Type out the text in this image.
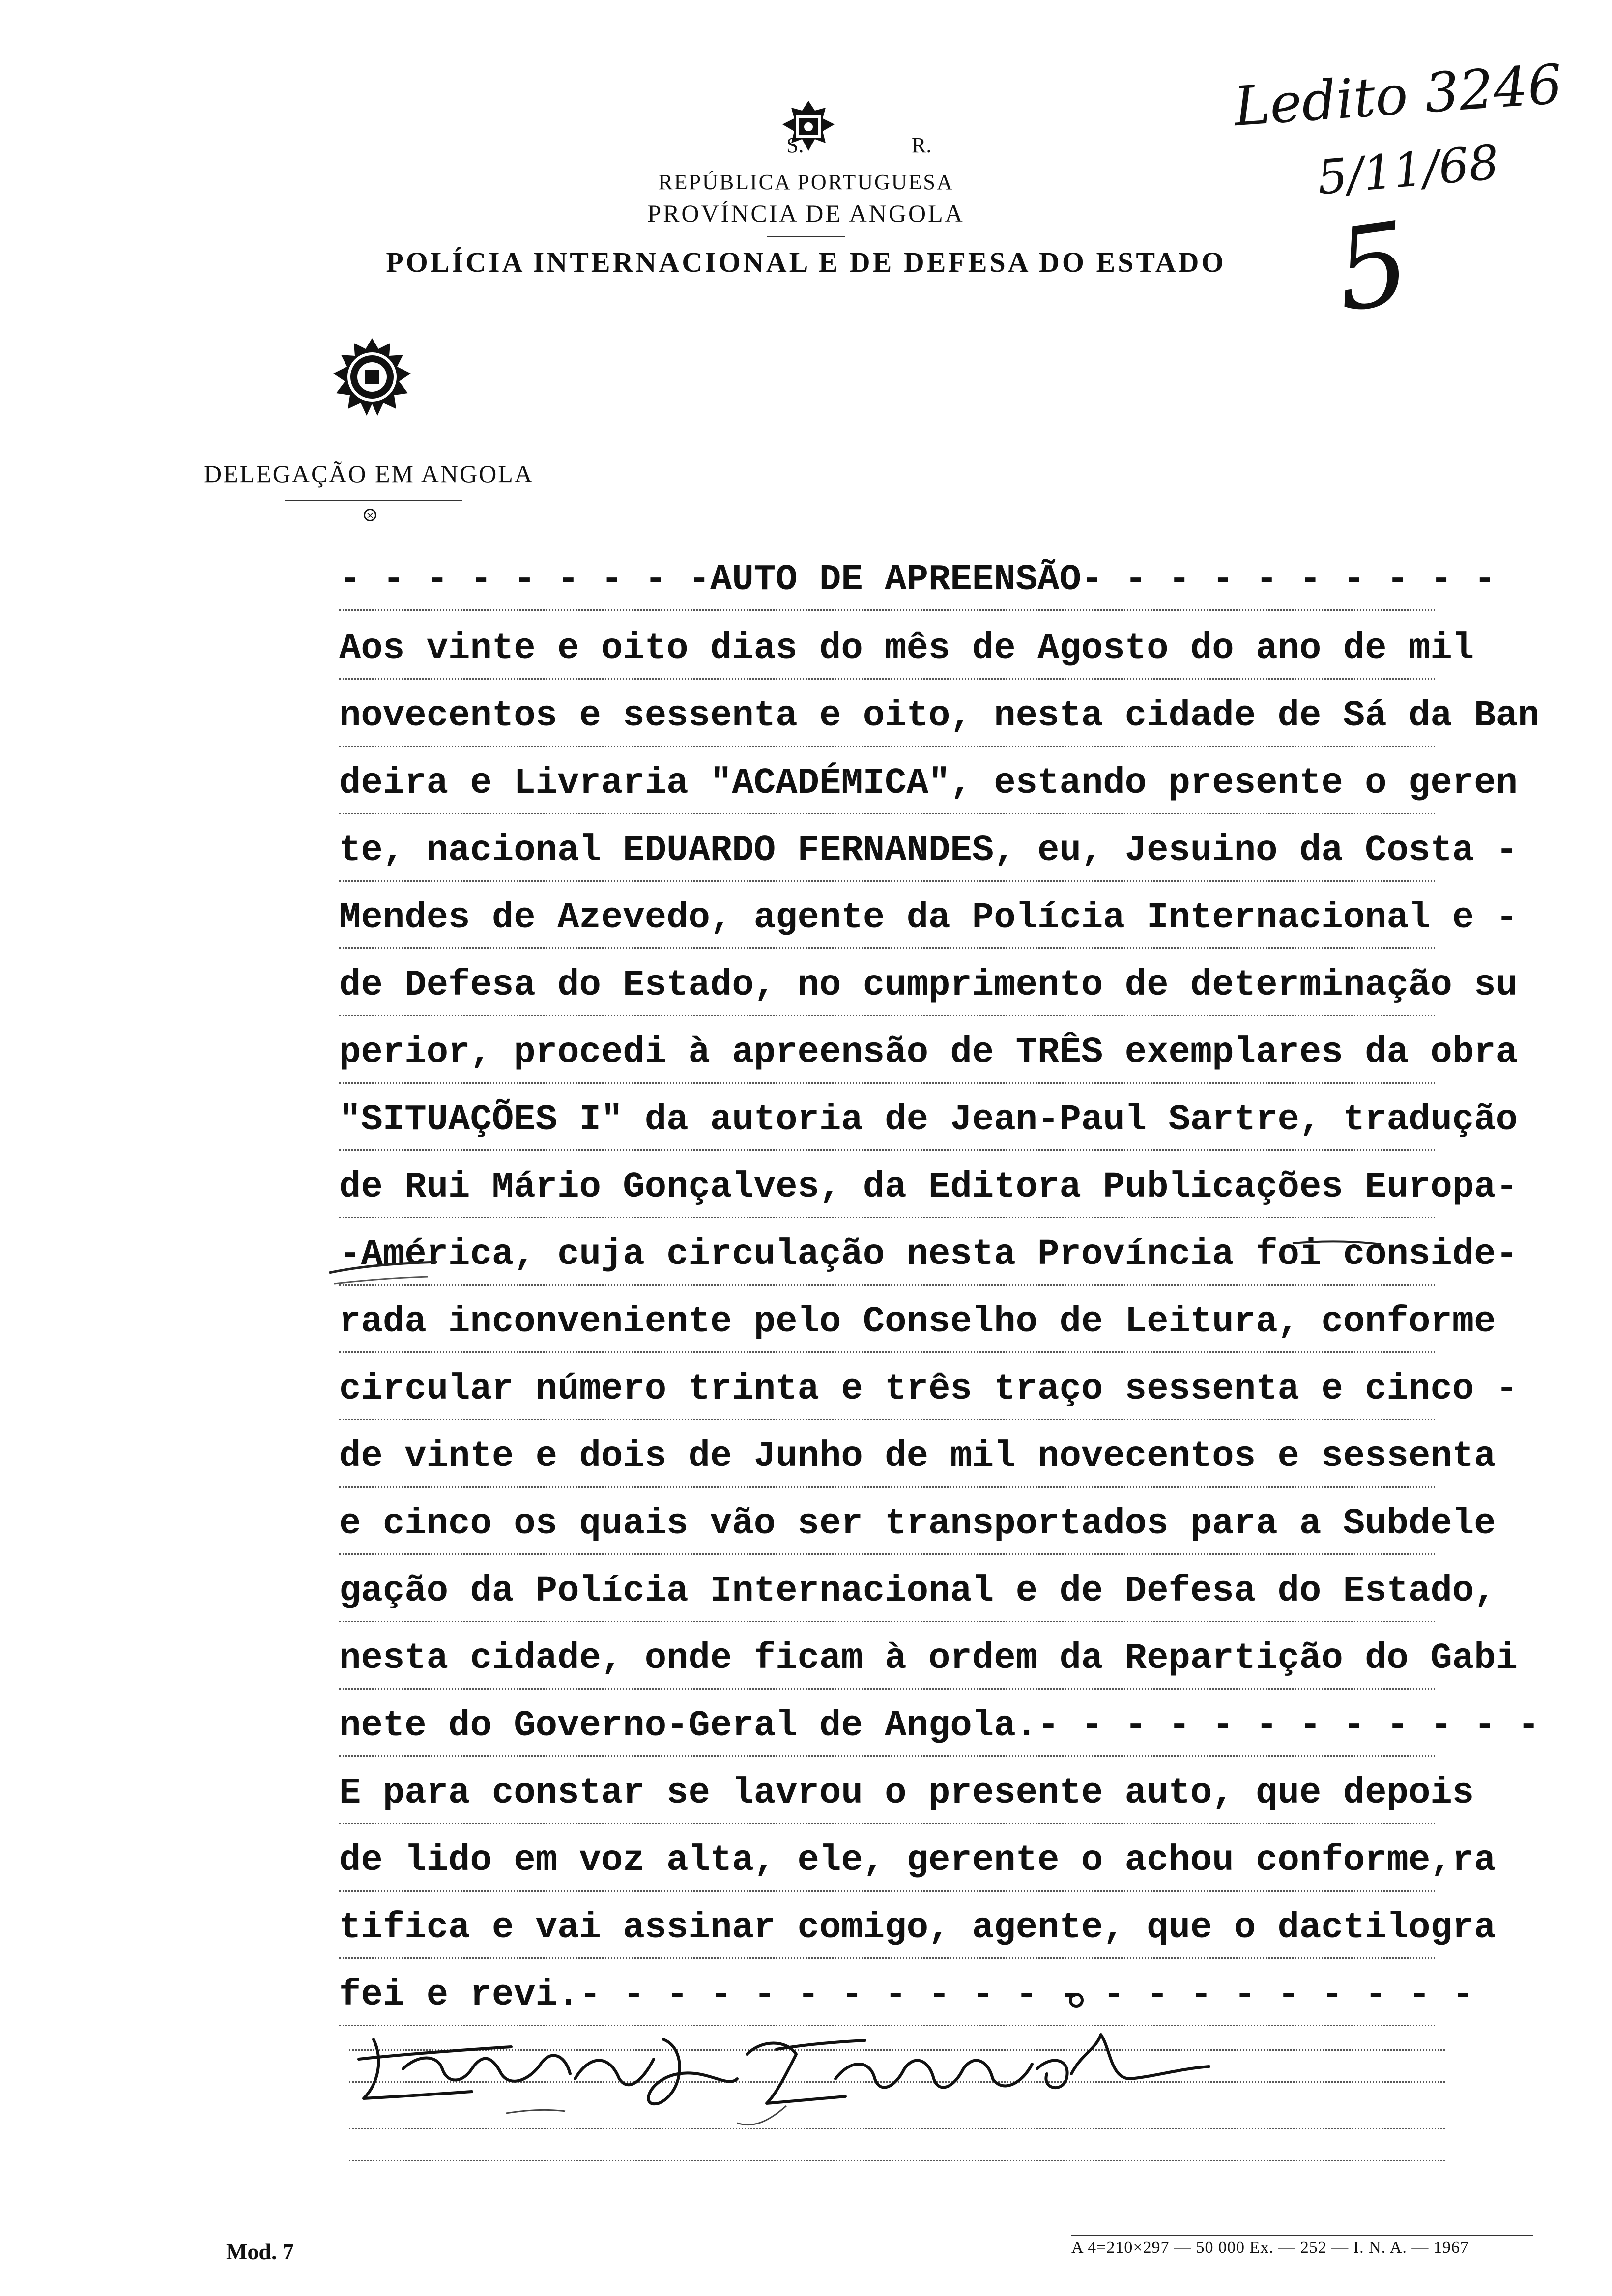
S.	R.
REPÚBLICA PORTUGUESA
PROVÍNCIA DE ANGOLA
POLÍCIA INTERNACIONAL E DE DEFESA DO ESTADO
DELEGAÇÃO EM ANGOLA
×
Ledito 3246
5/11/68
5
- - - - - - - - -AUTO DE APREENSÃO- - - - - - - - - -
Aos vinte e oito dias do mês de Agosto do ano de mil
novecentos e sessenta e oito, nesta cidade de Sá da Ban
deira e Livraria "ACADÉMICA", estando presente o geren
te, nacional EDUARDO FERNANDES, eu, Jesuino da Costa -
Mendes de Azevedo, agente da Polícia Internacional e -
de Defesa do Estado, no cumprimento de determinação su
perior, procedi à apreensão de TRÊS exemplares da obra
"SITUAÇÕES I" da autoria de Jean-Paul Sartre, tradução
de Rui Mário Gonçalves, da Editora Publicações Europa-
-América, cuja circulação nesta Província foi conside-
rada inconveniente pelo Conselho de Leitura, conforme
circular número trinta e três traço sessenta e cinco -
de vinte e dois de Junho de mil novecentos e sessenta
e cinco os quais vão ser transportados para a Subdele
gação da Polícia Internacional e de Defesa do Estado,
nesta cidade, onde ficam à ordem da Repartição do Gabi
nete do Governo-Geral de Angola.- - - - - - - - - - - -
E para constar se lavrou o presente auto, que depois
de lido em voz alta, ele, gerente o achou conforme,ra
tifica e vai assinar comigo, agente, que o dactilogra
fei e revi.- - - - - - - - - - - - - - - - - - - - -
Mod. 7	A 4=210×297 — 50 000 Ex. — 252 — I. N. A. — 1967
